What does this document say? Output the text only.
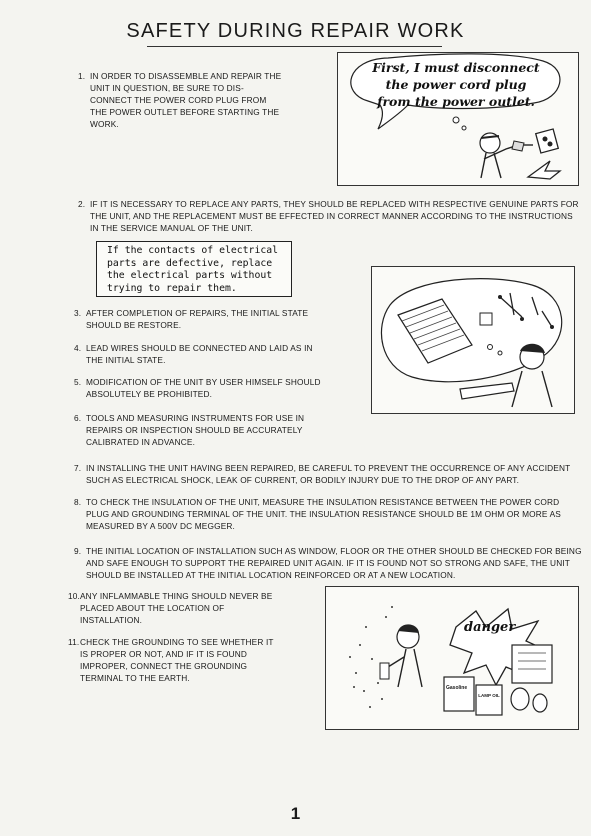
SAFETY DURING REPAIR WORK
1. IN ORDER TO DISASSEMBLE AND REPAIR THE UNIT IN QUESTION, BE SURE TO DIS- CONNECT THE POWER CORD PLUG FROM THE POWER OUTLET BEFORE STARTING THE WORK.
First, I must disconnect the power cord plug from the power outlet.
2. IF IT IS NECESSARY TO REPLACE ANY PARTS, THEY SHOULD BE REPLACED WITH RESPECTIVE GENUINE PARTS FOR THE UNIT, AND THE REPLACEMENT MUST BE EFFECTED IN CORRECT MANNER ACCORDING TO THE INSTRUCTIONS IN THE SERVICE MANUAL OF THE UNIT.
If the contacts of electrical parts are defective, replace the electrical parts without trying to repair them.
3. AFTER COMPLETION OF REPAIRS, THE INITIAL STATE SHOULD BE RESTORE.
4. LEAD WIRES SHOULD BE CONNECTED AND LAID AS IN THE INITIAL STATE.
5. MODIFICATION OF THE UNIT BY USER HIMSELF SHOULD ABSOLUTELY BE PROHIBITED.
6. TOOLS AND MEASURING INSTRUMENTS FOR USE IN REPAIRS OR INSPECTION SHOULD BE ACCURATELY CALIBRATED IN ADVANCE.
7. IN INSTALLING THE UNIT HAVING BEEN REPAIRED, BE CAREFUL TO PREVENT THE OCCURRENCE OF ANY ACCIDENT SUCH AS ELECTRICAL SHOCK, LEAK OF CURRENT, OR BODILY INJURY DUE TO THE DROP OF ANY PART.
8. TO CHECK THE INSULATION OF THE UNIT, MEASURE THE INSULATION RESISTANCE BETWEEN THE POWER CORD PLUG AND GROUNDING TERMINAL OF THE UNIT. THE INSULATION RESISTANCE SHOULD BE 1M OHM OR MORE AS MEASURED BY A 500V DC MEGGER.
9. THE INITIAL LOCATION OF INSTALLATION SUCH AS WINDOW, FLOOR OR THE OTHER SHOULD BE CHECKED FOR BEING AND SAFE ENOUGH TO SUPPORT THE REPAIRED UNIT AGAIN. IF IT IS FOUND NOT SO STRONG AND SAFE, THE UNIT SHOULD BE INSTALLED AT THE INITIAL LOCATION REINFORCED OR AT A NEW LOCATION.
10. ANY INFLAMMABLE THING SHOULD NEVER BE PLACED ABOUT THE LOCATION OF INSTALLATION.
11. CHECK THE GROUNDING TO SEE WHETHER IT IS PROPER OR NOT, AND IF IT IS FOUND IMPROPER, CONNECT THE GROUNDING TERMINAL TO THE EARTH.
danger
Gasoline
LAMP OIL
1
